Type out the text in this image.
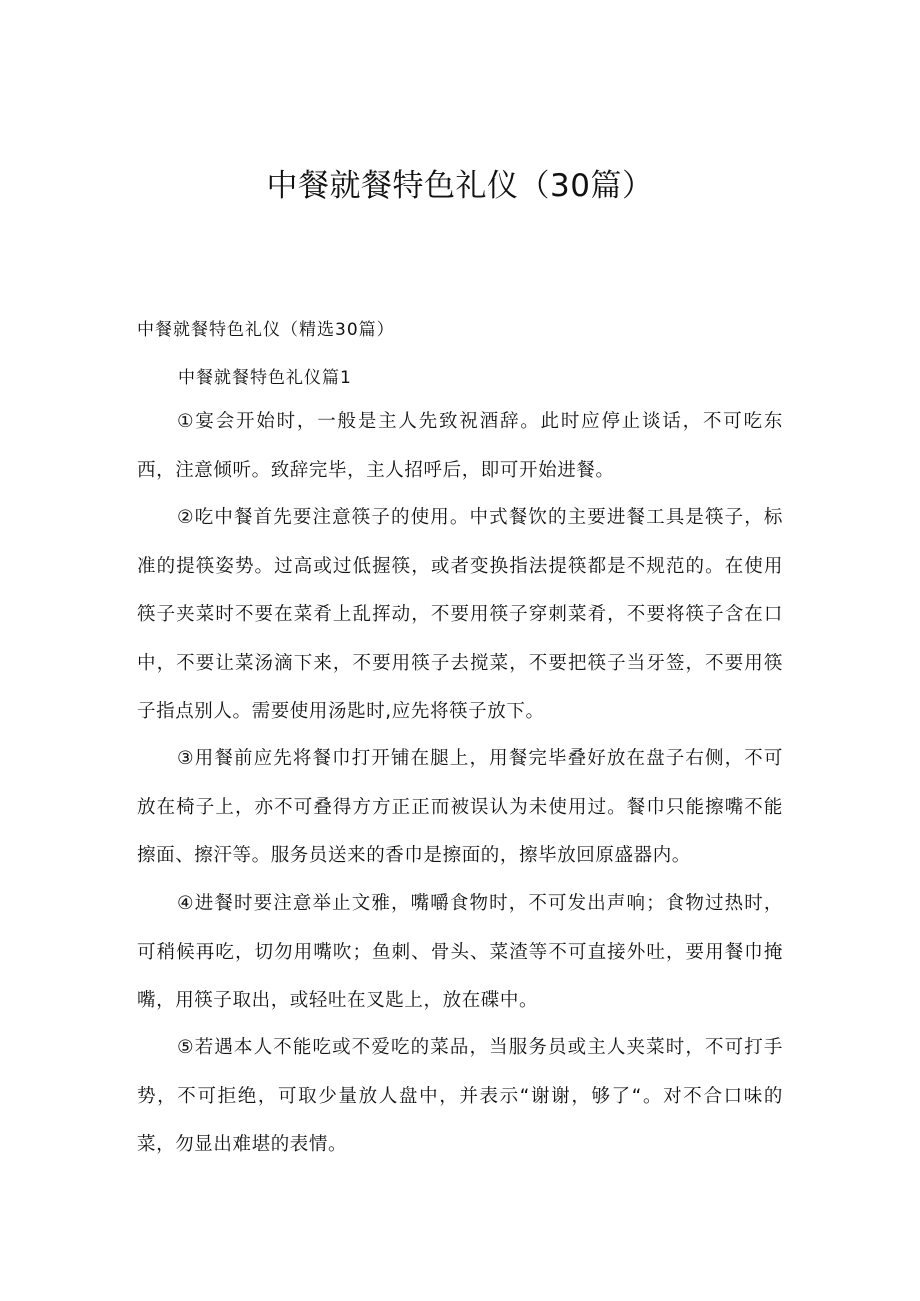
中餐就餐特色礼仪（30篇）
中餐就餐特色礼仪（精选30篇）
中餐就餐特色礼仪篇1

①宴会开始时，一般是主人先致祝酒辞。此时应停止谈话，不可吃东西，注意倾听。致辞完毕，主人招呼后，即可开始进餐。

②吃中餐首先要注意筷子的使用。中式餐饮的主要进餐工具是筷子，标准的提筷姿势。过高或过低握筷，或者变换指法提筷都是不规范的。在使用筷子夹菜时不要在菜肴上乱挥动，不要用筷子穿刺菜肴，不要将筷子含在口中，不要让菜汤滴下来，不要用筷子去搅菜，不要把筷子当牙签，不要用筷子指点别人。需要使用汤匙时,应先将筷子放下。

③用餐前应先将餐巾打开铺在腿上，用餐完毕叠好放在盘子右侧，不可放在椅子上，亦不可叠得方方正正而被误认为未使用过。餐巾只能擦嘴不能擦面、擦汗等。服务员送来的香巾是擦面的，擦毕放回原盛器内。

④进餐时要注意举止文雅，嘴嚼食物时，不可发出声响；食物过热时，可稍候再吃，切勿用嘴吹；鱼刺、骨头、菜渣等不可直接外吐，要用餐巾掩嘴，用筷子取出，或轻吐在叉匙上，放在碟中。

⑤若遇本人不能吃或不爱吃的菜品，当服务员或主人夹菜时，不可打手势，不可拒绝，可取少量放人盘中，并表示“谢谢，够了“。对不合口味的菜，勿显出难堪的表情。
